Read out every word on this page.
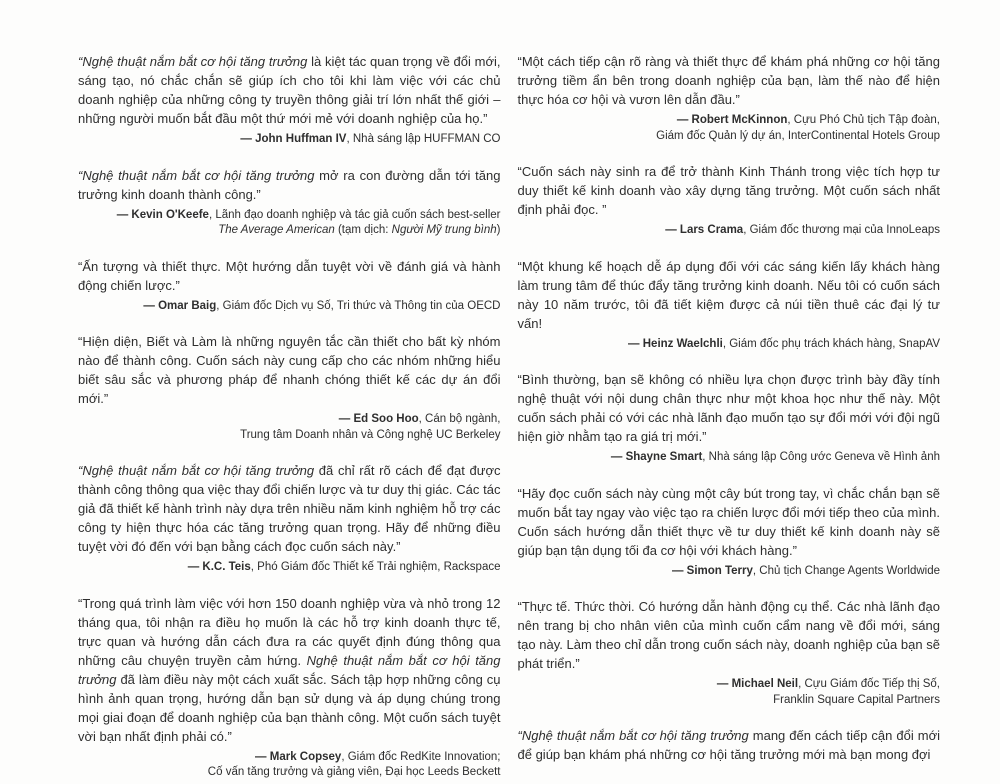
“Nghệ thuật nắm bắt cơ hội tăng trưởng là kiệt tác quan trọng về đổi mới, sáng tạo, nó chắc chắn sẽ giúp ích cho tôi khi làm việc với các chủ doanh nghiệp của những công ty truyền thông giải trí lớn nhất thế giới – những người muốn bắt đầu một thứ mới mẻ với doanh nghiệp của họ.”

— John Huffman IV, Nhà sáng lập HUFFMAN CO

“Nghệ thuật nắm bắt cơ hội tăng trưởng mở ra con đường dẫn tới tăng trưởng kinh doanh thành công.”

— Kevin O'Keefe, Lãnh đạo doanh nghiệp và tác giả cuốn sách best-seller
The Average American (tạm dịch: Người Mỹ trung bình)

“Ấn tượng và thiết thực. Một hướng dẫn tuyệt vời về đánh giá và hành động chiến lược.”

— Omar Baig, Giám đốc Dịch vụ Số, Tri thức và Thông tin của OECD

“Hiện diện, Biết và Làm là những nguyên tắc cần thiết cho bất kỳ nhóm nào để thành công. Cuốn sách này cung cấp cho các nhóm những hiểu biết sâu sắc và phương pháp để nhanh chóng thiết kế các dự án đổi mới.”

— Ed Soo Hoo, Cán bộ ngành,
Trung tâm Doanh nhân và Công nghệ UC Berkeley

“Nghệ thuật nắm bắt cơ hội tăng trưởng đã chỉ rất rõ cách để đạt được thành công thông qua việc thay đổi chiến lược và tư duy thị giác. Các tác giả đã thiết kế hành trình này dựa trên nhiều năm kinh nghiệm hỗ trợ các công ty hiện thực hóa các tăng trưởng quan trọng. Hãy để những điều tuyệt vời đó đến với bạn bằng cách đọc cuốn sách này.”

— K.C. Teis, Phó Giám đốc Thiết kế Trải nghiệm, Rackspace

“Trong quá trình làm việc với hơn 150 doanh nghiệp vừa và nhỏ trong 12 tháng qua, tôi nhận ra điều họ muốn là các hỗ trợ kinh doanh thực tế, trực quan và hướng dẫn cách đưa ra các quyết định đúng thông qua những câu chuyện truyền cảm hứng. Nghệ thuật nắm bắt cơ hội tăng trưởng đã làm điều này một cách xuất sắc. Sách tập hợp những công cụ hình ảnh quan trọng, hướng dẫn bạn sử dụng và áp dụng chúng trong mọi giai đoạn để doanh nghiệp của bạn thành công. Một cuốn sách tuyệt vời bạn nhất định phải có.”

— Mark Copsey, Giám đốc RedKite Innovation;
Cố vấn tăng trưởng và giảng viên, Đại học Leeds Beckett

“Một cách tiếp cận rõ ràng và thiết thực để khám phá những cơ hội tăng trưởng tiềm ẩn bên trong doanh nghiệp của bạn, làm thế nào để hiện thực hóa cơ hội và vươn lên dẫn đầu.”

— Robert McKinnon, Cựu Phó Chủ tịch Tập đoàn,
Giám đốc Quản lý dự án, InterContinental Hotels Group

“Cuốn sách này sinh ra để trở thành Kinh Thánh trong việc tích hợp tư duy thiết kế kinh doanh vào xây dựng tăng trưởng. Một cuốn sách nhất định phải đọc. ”

— Lars Crama, Giám đốc thương mại của InnoLeaps

“Một khung kế hoạch dễ áp dụng đối với các sáng kiến lấy khách hàng làm trung tâm để thúc đẩy tăng trưởng kinh doanh. Nếu tôi có cuốn sách này 10 năm trước, tôi đã tiết kiệm được cả núi tiền thuê các đại lý tư vấn!

— Heinz Waelchli, Giám đốc phụ trách khách hàng, SnapAV

“Bình thường, bạn sẽ không có nhiều lựa chọn được trình bày đầy tính nghệ thuật với nội dung chân thực như một khoa học như thế này. Một cuốn sách phải có với các nhà lãnh đạo muốn tạo sự đổi mới với đội ngũ hiện giờ nhằm tạo ra giá trị mới.”

— Shayne Smart, Nhà sáng lập Công ước Geneva về Hình ảnh

“Hãy đọc cuốn sách này cùng một cây bút trong tay, vì chắc chắn bạn sẽ muốn bắt tay ngay vào việc tạo ra chiến lược đổi mới tiếp theo của mình. Cuốn sách hướng dẫn thiết thực về tư duy thiết kế kinh doanh này sẽ giúp bạn tận dụng tối đa cơ hội với khách hàng.”

— Simon Terry, Chủ tịch Change Agents Worldwide

“Thực tế. Thức thời. Có hướng dẫn hành động cụ thể. Các nhà lãnh đạo nên trang bị cho nhân viên của mình cuốn cẩm nang về đổi mới, sáng tạo này. Làm theo chỉ dẫn trong cuốn sách này, doanh nghiệp của bạn sẽ phát triển.”

— Michael Neil, Cựu Giám đốc Tiếp thị Số,
Franklin Square Capital Partners

“Nghệ thuật nắm bắt cơ hội tăng trưởng mang đến cách tiếp cận đổi mới để giúp bạn khám phá những cơ hội tăng trưởng mới mà bạn mong đợi
